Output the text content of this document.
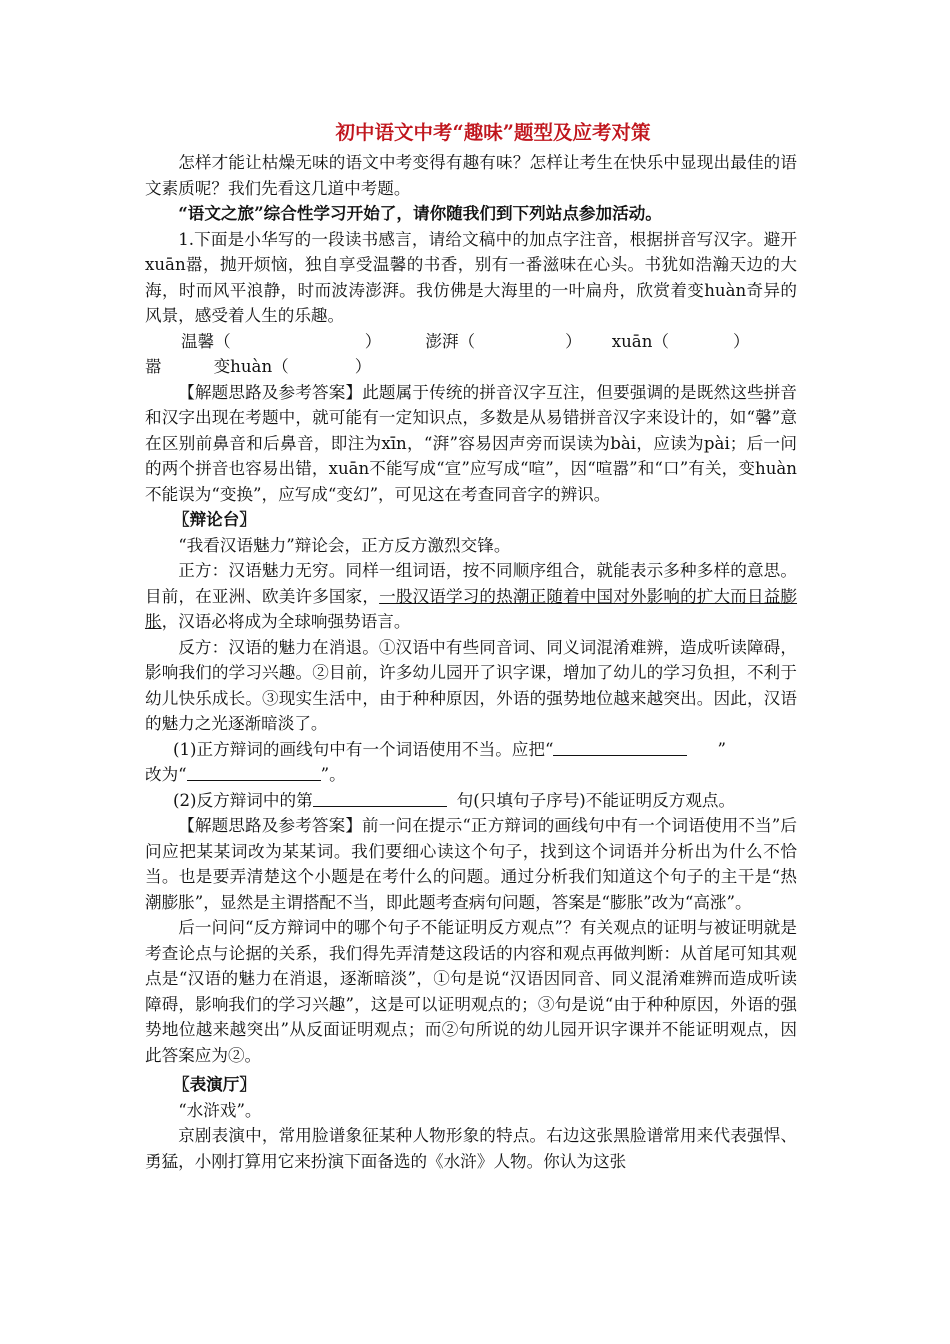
初中语文中考“趣味”题型及应考对策

怎样才能让枯燥无味的语文中考变得有趣有味？怎样让考生在快乐中显现出最佳的语文素质呢？我们先看这几道中考题。

“语文之旅”综合性学习开始了，请你随我们到下列站点参加活动。

1.下面是小华写的一段读书感言，请给文稿中的加点字注音，根据拼音写汉字。避开xuān嚣，抛开烦恼，独自享受温馨的书香，别有一番滋味在心头。书犹如浩瀚天边的大海，时而风平浪静，时而波涛澎湃。我仿佛是大海里的一叶扁舟，欣赏着变huàn奇异的风景，感受着人生的乐趣。

温馨（	）	澎湃（	） xuān（	）
嚣	变huàn（	）

【解题思路及参考答案】此题属于传统的拼音汉字互注，但要强调的是既然这些拼音和汉字出现在考题中，就可能有一定知识点，多数是从易错拼音汉字来设计的，如“馨”意在区别前鼻音和后鼻音，即注为xīn，“湃”容易因声旁而误读为bài，应读为pài；后一问的两个拼音也容易出错，xuān不能写成“宣”应写成“喧”，因“喧嚣”和“口”有关，变huàn不能误为“变换”，应写成“变幻”，可见这在考查同音字的辨识。

〖辩论台〗

“我看汉语魅力”辩论会，正方反方激烈交锋。

正方：汉语魅力无穷。同样一组词语，按不同顺序组合，就能表示多种多样的意思。目前，在亚洲、欧美许多国家，一股汉语学习的热潮正随着中国对外影响的扩大而日益膨胀，汉语必将成为全球响强势语言。

反方：汉语的魅力在消退。①汉语中有些同音词、同义词混淆难辨，造成听读障碍，影响我们的学习兴趣。②目前，许多幼儿园开了识字课，增加了幼儿的学习负担，不利于幼儿快乐成长。③现实生活中，由于种种原因，外语的强势地位越来越突出。因此，汉语的魅力之光逐渐暗淡了。

(1)正方辩词的画线句中有一个词语使用不当。应把“	”
改为“	”。
(2)反方辩词中的第	句(只填句子序号)不能证明反方观点。

【解题思路及参考答案】前一问在提示“正方辩词的画线句中有一个词语使用不当”后问应把某某词改为某某词。我们要细心读这个句子，找到这个词语并分析出为什么不恰当。也是要弄清楚这个小题是在考什么的问题。通过分析我们知道这个句子的主干是“热潮膨胀”，显然是主谓搭配不当，即此题考查病句问题，答案是“膨胀”改为“高涨”。

后一问问“反方辩词中的哪个句子不能证明反方观点”？有关观点的证明与被证明就是考查论点与论据的关系，我们得先弄清楚这段话的内容和观点再做判断：从首尾可知其观点是“汉语的魅力在消退，逐渐暗淡”，①句是说“汉语因同音、同义混淆难辨而造成听读障碍，影响我们的学习兴趣”，这是可以证明观点的；③句是说“由于种种原因，外语的强势地位越来越突出”从反面证明观点；而②句所说的幼儿园开识字课并不能证明观点，因此答案应为②。

〖表演厅〗

“水浒戏”。

京剧表演中，常用脸谱象征某种人物形象的特点。右边这张黑脸谱常用来代表强悍、勇猛，小刚打算用它来扮演下面备选的《水浒》人物。你认为这张
